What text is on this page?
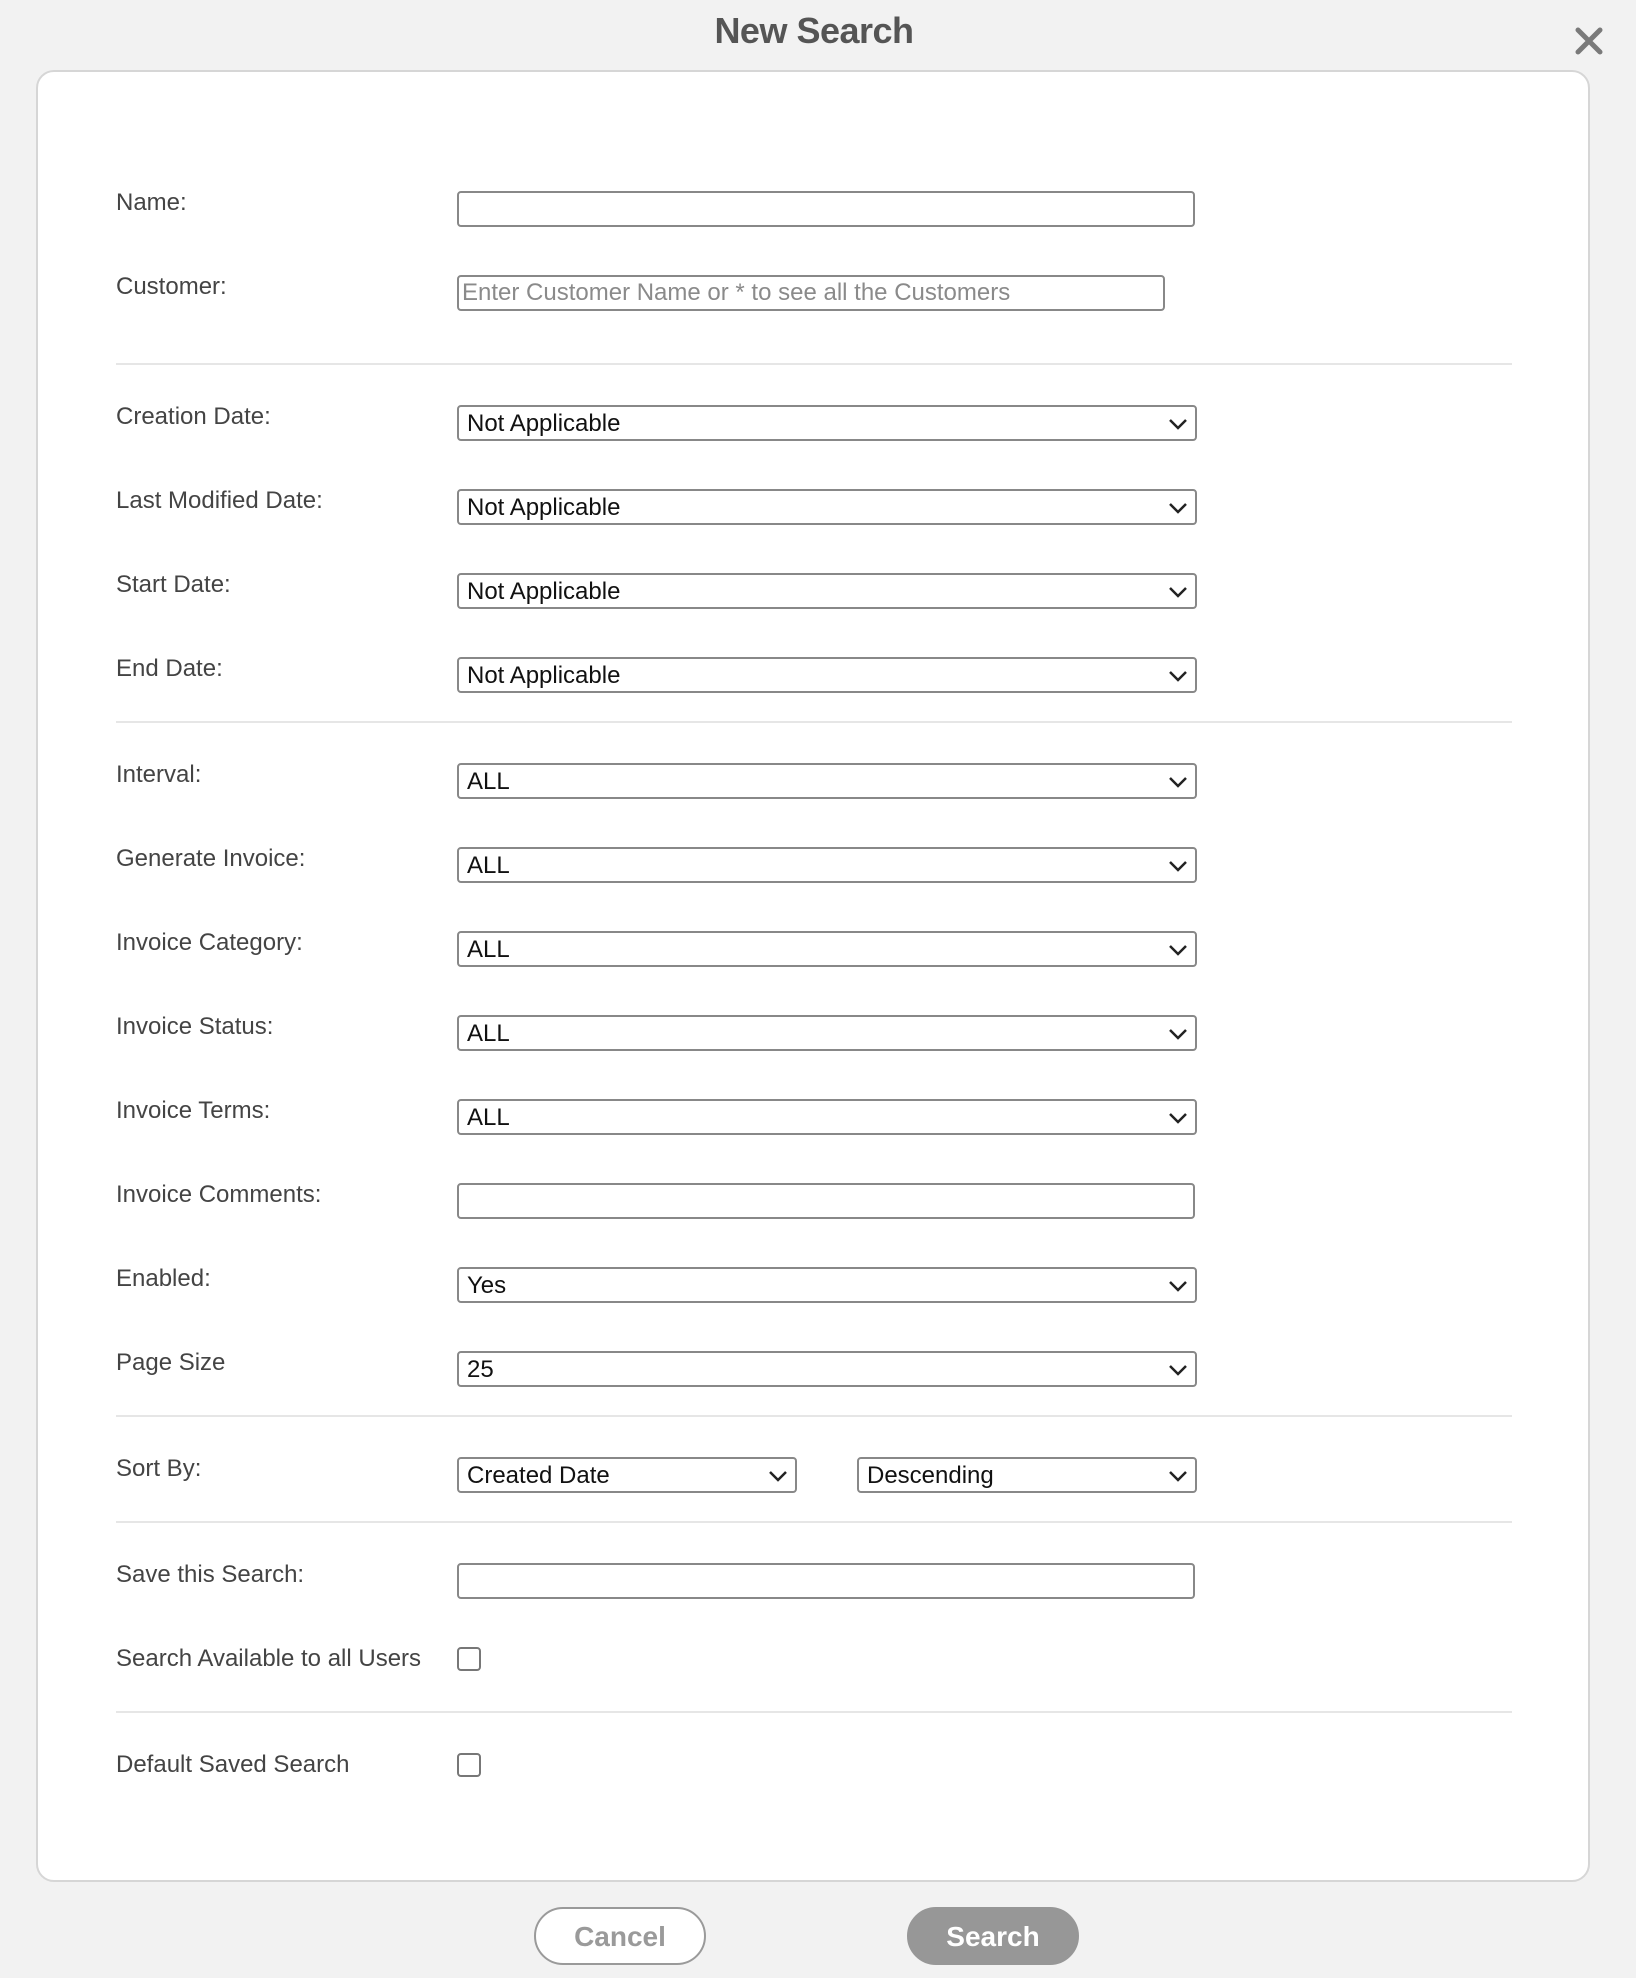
New Search
Name:
Customer:
Enter Customer Name or * to see all the Customers
Creation Date:	Not Applicable
Last Modified Date:	Not Applicable
Start Date:	Not Applicable
End Date:	Not Applicable
Interval:	ALL
Generate Invoice:	ALL
Invoice Category:	ALL
Invoice Status:	ALL
Invoice Terms:	ALL
Invoice Comments:
Enabled:	Yes
Page Size	25
Sort By:	Created Date	Descending
Save this Search:
Search Available to all Users
Default Saved Search
Cancel	Search
